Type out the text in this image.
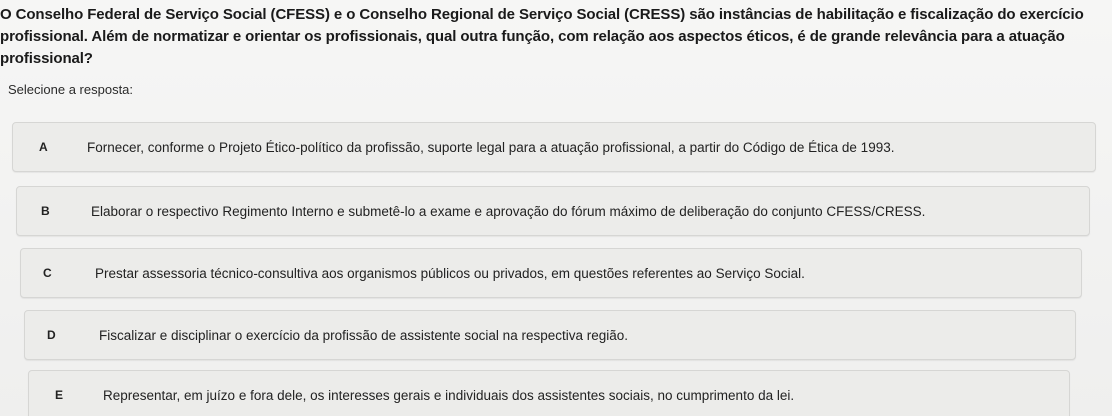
O Conselho Federal de Serviço Social (CFESS) e o Conselho Regional de Serviço Social (CRESS) são instâncias de habilitação e fiscalização do exercício profissional. Além de normatizar e orientar os profissionais, qual outra função, com relação aos aspectos éticos, é de grande relevância para a atuação profissional?
Selecione a resposta:
A	Fornecer, conforme o Projeto Ético-político da profissão, suporte legal para a atuação profissional, a partir do Código de Ética de 1993.
B	Elaborar o respectivo Regimento Interno e submetê-lo a exame e aprovação do fórum máximo de deliberação do conjunto CFESS/CRESS.
C	Prestar assessoria técnico-consultiva aos organismos públicos ou privados, em questões referentes ao Serviço Social.
D	Fiscalizar e disciplinar o exercício da profissão de assistente social na respectiva região.
E	Representar, em juízo e fora dele, os interesses gerais e individuais dos assistentes sociais, no cumprimento da lei.
